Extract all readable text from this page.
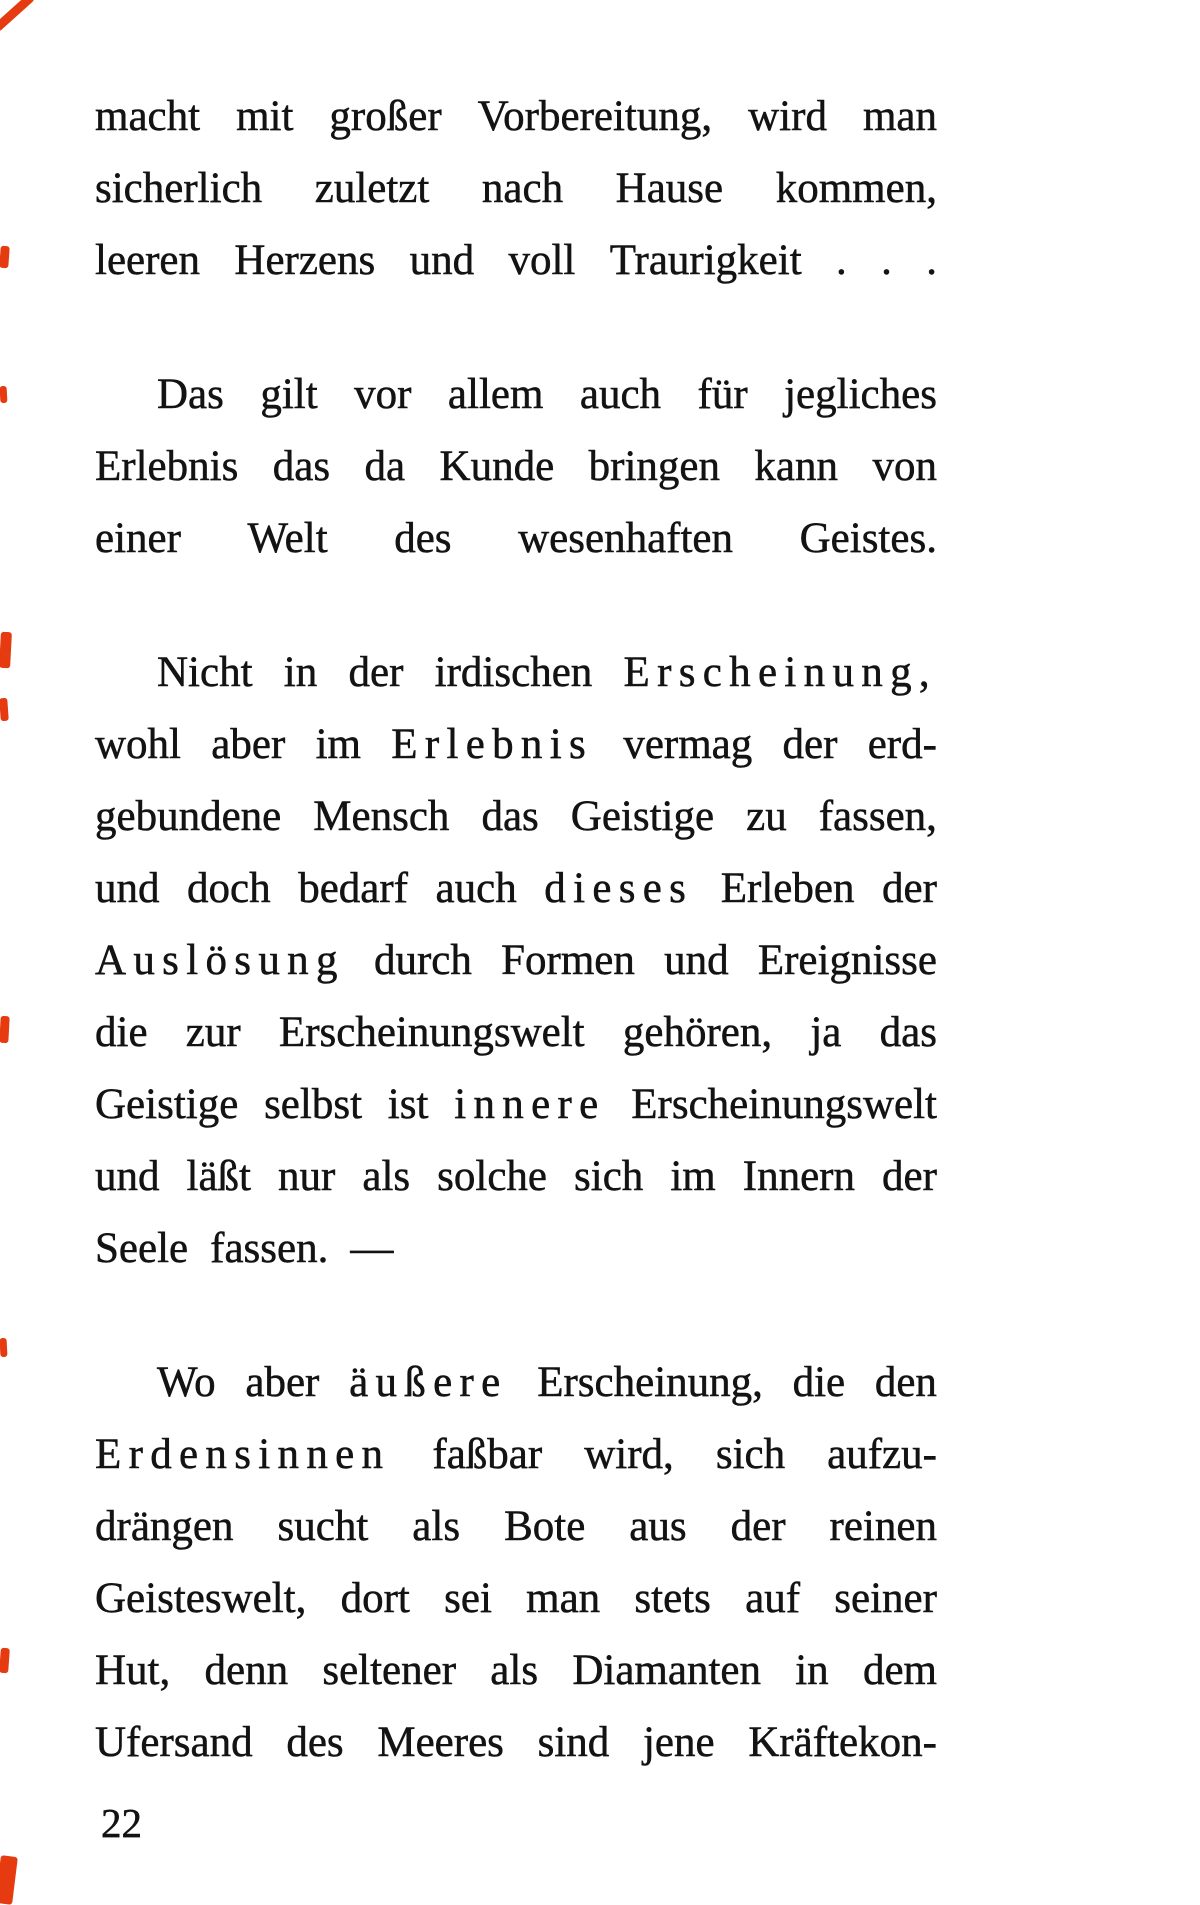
macht mit großer Vorbereitung, wird man
sicherlich zuletzt nach Hause kommen,
leeren Herzens und voll Traurigkeit . . .
Das gilt vor allem auch für jegliches
Erlebnis das da Kunde bringen kann von
einer Welt des wesenhaften Geistes.
Nicht in der irdischen Erscheinung,
wohl aber im Erlebnis vermag der erd-
gebundene Mensch das Geistige zu fassen,
und doch bedarf auch dieses Erleben der
Auslösung durch Formen und Ereignisse
die zur Erscheinungswelt gehören, ja das
Geistige selbst ist innere Erscheinungswelt
und läßt nur als solche sich im Innern der
Seele fassen. —
Wo aber äußere Erscheinung, die den
Erdensinnen faßbar wird, sich aufzu-
drängen sucht als Bote aus der reinen
Geisteswelt, dort sei man stets auf seiner
Hut, denn seltener als Diamanten in dem
Ufersand des Meeres sind jene Kräftekon-
22
